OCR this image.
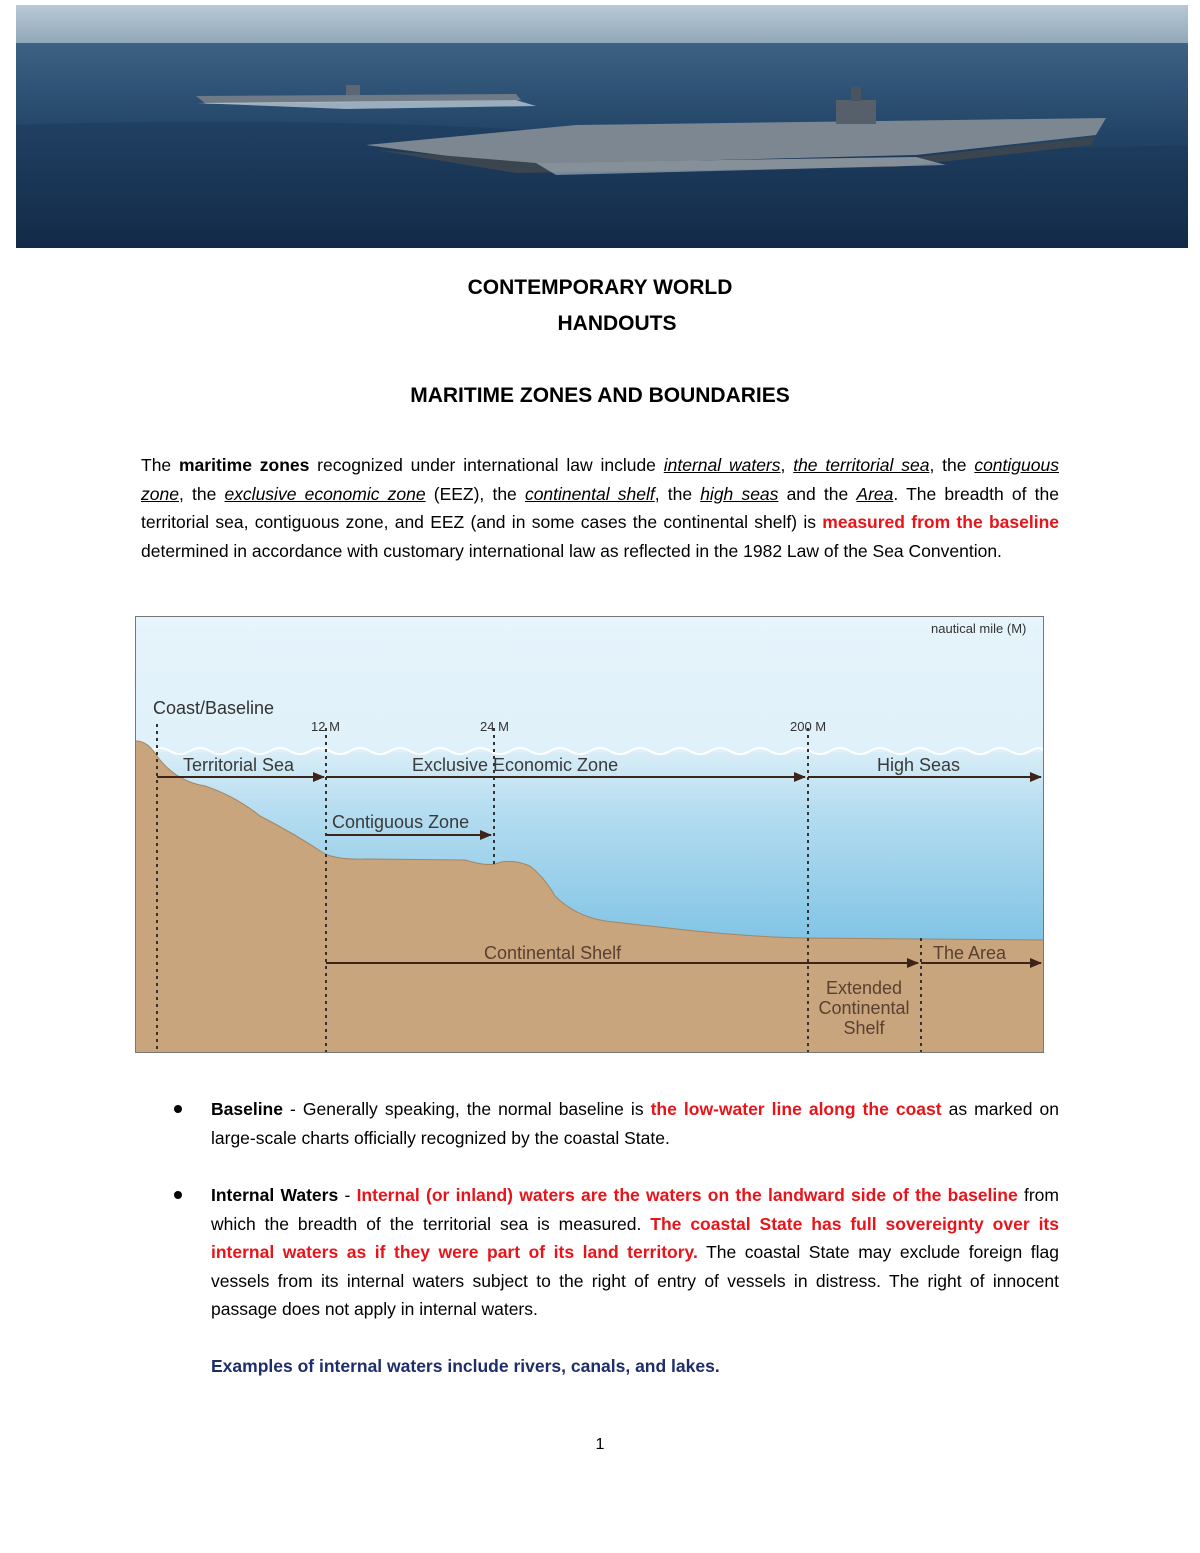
CONTEMPORARY WORLD
HANDOUTS
MARITIME ZONES AND BOUNDARIES
The maritime zones recognized under international law include internal waters, the territorial sea, the contiguous zone, the exclusive economic zone (EEZ), the continental shelf, the high seas and the Area. The breadth of the territorial sea, contiguous zone, and EEZ (and in some cases the continental shelf) is measured from the baseline determined in accordance with customary international law as reflected in the 1982 Law of the Sea Convention.
nautical mile (M)
Coast/Baseline
12 M	24 M	200 M
Territorial Sea	Exclusive Economic Zone	High Seas
Contiguous Zone
Continental Shelf	The Area
Extended
Continental
Shelf
Baseline - Generally speaking, the normal baseline is the low-water line along the coast as marked on large-scale charts officially recognized by the coastal State.
Internal Waters - Internal (or inland) waters are the waters on the landward side of the baseline from which the breadth of the territorial sea is measured. The coastal State has full sovereignty over its internal waters as if they were part of its land territory. The coastal State may exclude foreign flag vessels from its internal waters subject to the right of entry of vessels in distress. The right of innocent passage does not apply in internal waters.
Examples of internal waters include rivers, canals, and lakes.
1
